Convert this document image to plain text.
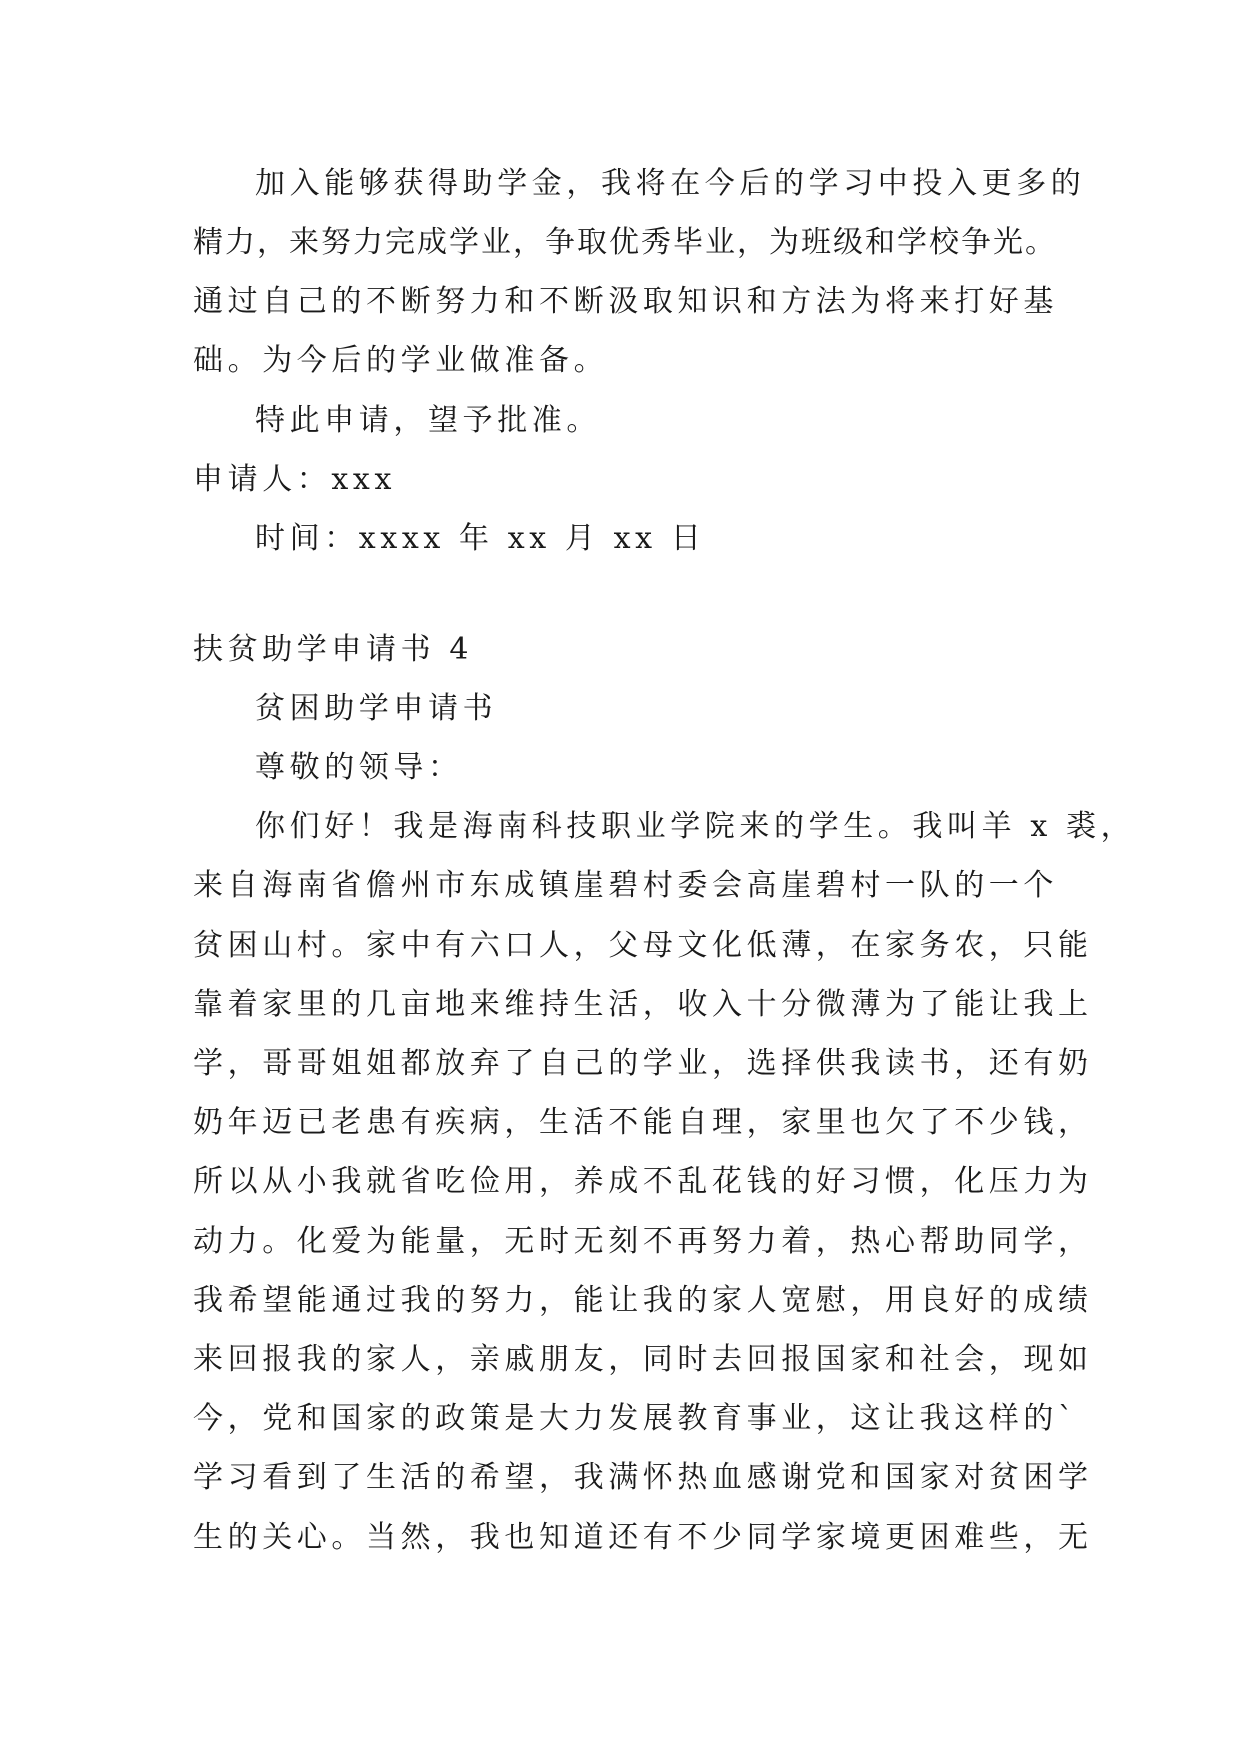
加入能够获得助学金，我将在今后的学习中投入更多的
精力，来努力完成学业，争取优秀毕业，为班级和学校争光。
通过自己的不断努力和不断汲取知识和方法为将来打好基
础。为今后的学业做准备。
特此申请，望予批准。
申请人：xxx
时间：xxxx 年 xx 月 xx 日
扶贫助学申请书 4
贫困助学申请书
尊敬的领导：
你们好！我是海南科技职业学院来的学生。我叫羊 x 裘，
来自海南省儋州市东成镇崖碧村委会高崖碧村一队的一个
贫困山村。家中有六口人，父母文化低薄，在家务农，只能
靠着家里的几亩地来维持生活，收入十分微薄为了能让我上
学，哥哥姐姐都放弃了自己的学业，选择供我读书，还有奶
奶年迈已老患有疾病，生活不能自理，家里也欠了不少钱，
所以从小我就省吃俭用，养成不乱花钱的好习惯，化压力为
动力。化爱为能量，无时无刻不再努力着，热心帮助同学，
我希望能通过我的努力，能让我的家人宽慰，用良好的成绩
来回报我的家人，亲戚朋友，同时去回报国家和社会，现如
今，党和国家的政策是大力发展教育事业，这让我这样的`
学习看到了生活的希望，我满怀热血感谢党和国家对贫困学
生的关心。当然，我也知道还有不少同学家境更困难些，无
